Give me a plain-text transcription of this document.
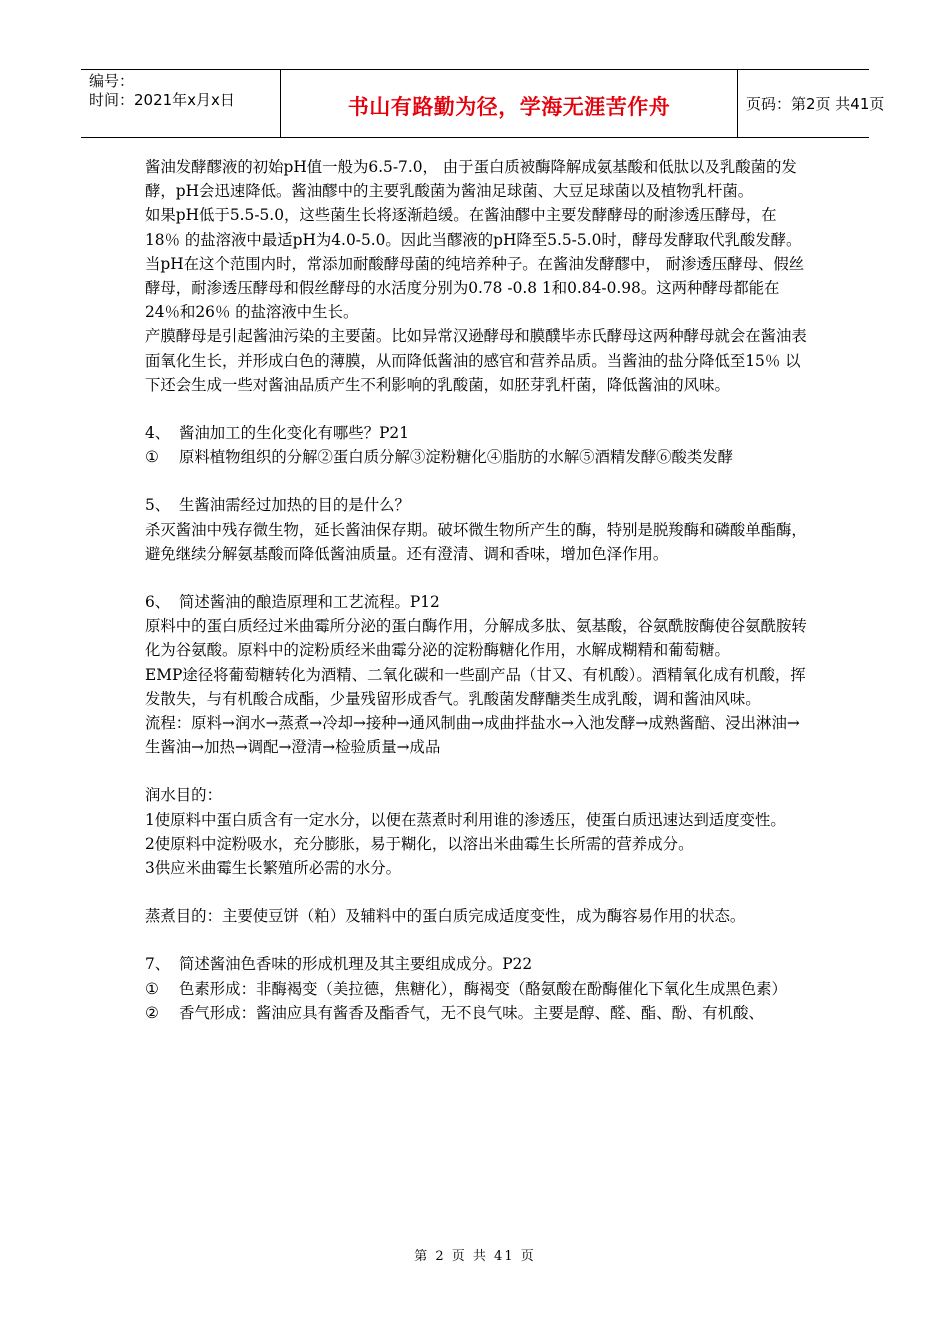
编号：
时间：2021年x月x日	书山有路勤为径，学海无涯苦作舟	页码：第2页 共41页

酱油发酵醪液的初始pH值一般为6.5-7.0， 由于蛋白质被酶降解成氨基酸和低肽以及乳酸菌的发酵，pH会迅速降低。酱油醪中的主要乳酸菌为酱油足球菌、大豆足球菌以及植物乳杆菌。

如果pH低于5.5-5.0，这些菌生长将逐渐趋缓。在酱油醪中主要发酵酵母的耐渗透压酵母，在18％ 的盐溶液中最适pH为4.0-5.0。因此当醪液的pH降至5.5-5.0时，酵母发酵取代乳酸发酵。

当pH在这个范围内时，常添加耐酸酵母菌的纯培养种子。在酱油发酵醪中， 耐渗透压酵母、假丝酵母，耐渗透压酵母和假丝酵母的水活度分别为0.78 -0.8 1和0.84-0.98。这两种酵母都能在24％和26％ 的盐溶液中生长。

产膜酵母是引起酱油污染的主要菌。比如异常汉逊酵母和膜醭毕赤氏酵母这两种酵母就会在酱油表面氧化生长，并形成白色的薄膜，从而降低酱油的感官和营养品质。当酱油的盐分降低至15％ 以下还会生成一些对酱油品质产生不利影响的乳酸菌，如胚芽乳杆菌，降低酱油的风味。

4、 酱油加工的生化变化有哪些？P21

① 原料植物组织的分解②蛋白质分解③淀粉糖化④脂肪的水解⑤酒精发酵⑥酸类发酵

5、 生酱油需经过加热的目的是什么？

杀灭酱油中残存微生物，延长酱油保存期。破坏微生物所产生的酶，特别是脱羧酶和磷酸单酯酶，避免继续分解氨基酸而降低酱油质量。还有澄清、调和香味，增加色泽作用。

6、 简述酱油的酿造原理和工艺流程。P12

原料中的蛋白质经过米曲霉所分泌的蛋白酶作用，分解成多肽、氨基酸，谷氨酰胺酶使谷氨酰胺转化为谷氨酸。原料中的淀粉质经米曲霉分泌的淀粉酶糖化作用，水解成糊精和葡萄糖。

EMP途径将葡萄糖转化为酒精、二氧化碳和一些副产品（甘又、有机酸）。酒精氧化成有机酸，挥发散失，与有机酸合成酯，少量残留形成香气。乳酸菌发酵醣类生成乳酸，调和酱油风味。

流程：原料→润水→蒸煮→冷却→接种→通风制曲→成曲拌盐水→入池发酵→成熟酱醅、浸出淋油→生酱油→加热→调配→澄清→检验质量→成品

润水目的：

1使原料中蛋白质含有一定水分，以便在蒸煮时利用谁的渗透压，使蛋白质迅速达到适度变性。

2使原料中淀粉吸水，充分膨胀，易于糊化，以溶出米曲霉生长所需的营养成分。

3供应米曲霉生长繁殖所必需的水分。

蒸煮目的：主要使豆饼（粕）及辅料中的蛋白质完成适度变性，成为酶容易作用的状态。

7、 简述酱油色香味的形成机理及其主要组成成分。P22

① 色素形成：非酶褐变（美拉德，焦糖化），酶褐变（酪氨酸在酚酶催化下氧化生成黑色素）

② 香气形成：酱油应具有酱香及酯香气，无不良气味。主要是醇、醛、酯、酚、有机酸、

第 2 页 共 41 页
